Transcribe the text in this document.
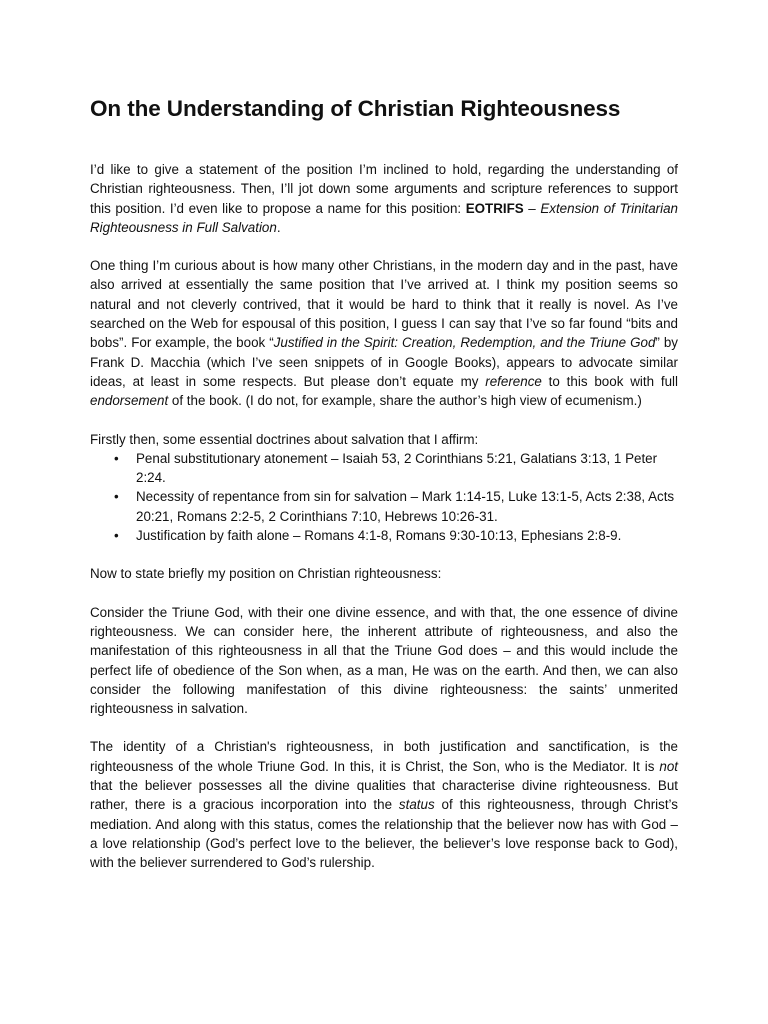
On the Understanding of Christian Righteousness

I’d like to give a statement of the position I’m inclined to hold, regarding the understanding of Christian righteousness. Then, I’ll jot down some arguments and scripture references to support this position. I’d even like to propose a name for this position: EOTRIFS – Extension of Trinitarian Righteousness in Full Salvation.

One thing I’m curious about is how many other Christians, in the modern day and in the past, have also arrived at essentially the same position that I’ve arrived at. I think my position seems so natural and not cleverly contrived, that it would be hard to think that it really is novel. As I’ve searched on the Web for espousal of this position, I guess I can say that I’ve so far found “bits and bobs”. For example, the book “Justified in the Spirit: Creation, Redemption, and the Triune God” by Frank D. Macchia (which I’ve seen snippets of in Google Books), appears to advocate similar ideas, at least in some respects. But please don’t equate my reference to this book with full endorsement of the book. (I do not, for example, share the author’s high view of ecumenism.)

Firstly then, some essential doctrines about salvation that I affirm:

• Penal substitutionary atonement – Isaiah 53, 2 Corinthians 5:21, Galatians 3:13, 1 Peter 2:24.
• Necessity of repentance from sin for salvation – Mark 1:14-15, Luke 13:1-5, Acts 2:38, Acts 20:21, Romans 2:2-5, 2 Corinthians 7:10, Hebrews 10:26-31.
• Justification by faith alone – Romans 4:1-8, Romans 9:30-10:13, Ephesians 2:8-9.

Now to state briefly my position on Christian righteousness:

Consider the Triune God, with their one divine essence, and with that, the one essence of divine righteousness. We can consider here, the inherent attribute of righteousness, and also the manifestation of this righteousness in all that the Triune God does – and this would include the perfect life of obedience of the Son when, as a man, He was on the earth. And then, we can also consider the following manifestation of this divine righteousness: the saints’ unmerited righteousness in salvation.

The identity of a Christian's righteousness, in both justification and sanctification, is the righteousness of the whole Triune God. In this, it is Christ, the Son, who is the Mediator. It is not that the believer possesses all the divine qualities that characterise divine righteousness. But rather, there is a gracious incorporation into the status of this righteousness, through Christ’s mediation. And along with this status, comes the relationship that the believer now has with God – a love relationship (God’s perfect love to the believer, the believer’s love response back to God), with the believer surrendered to God’s rulership.
